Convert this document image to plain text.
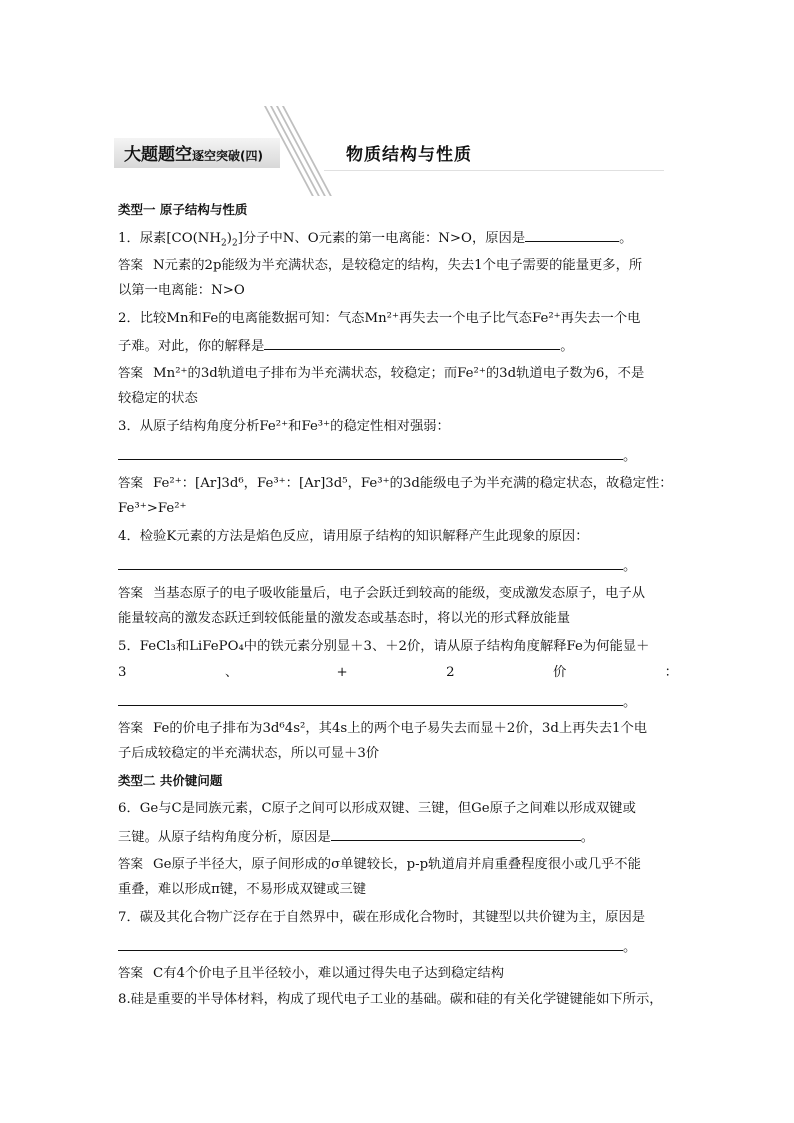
大题题空逐空突破(四)	物质结构与性质
类型一 原子结构与性质
1．尿素$[CO(NH_2)_2]$分子中N、O元素的第一电离能：N>O，原因是	。
答案 N元素的2p能级为半充满状态，是较稳定的结构，失去1个电子需要的能量更多，所
以第一电离能：N>O
2．比较Mn和Fe的电离能数据可知：气态Mn²⁺再失去一个电子比气态Fe²⁺再失去一个电
子难。对此，你的解释是	。
答案 Mn²⁺的3d轨道电子排布为半充满状态，较稳定；而Fe²⁺的3d轨道电子数为6，不是
较稳定的状态
3．从原子结构角度分析Fe²⁺和Fe³⁺的稳定性相对强弱：
。
答案 Fe²⁺：[Ar]3d⁶，Fe³⁺：[Ar]3d⁵，Fe³⁺的3d能级电子为半充满的稳定状态，故稳定性：
Fe³⁺>Fe²⁺
4．检验K元素的方法是焰色反应，请用原子结构的知识解释产生此现象的原因：
。
答案 当基态原子的电子吸收能量后，电子会跃迁到较高的能级，变成激发态原子，电子从
能量较高的激发态跃迁到较低能量的激发态或基态时，将以光的形式释放能量
5．FeCl₃和LiFePO₄中的铁元素分别显＋3、＋2价，请从原子结构角度解释Fe为何能显＋
3	、	+	2	价	：
。
答案 Fe的价电子排布为3d⁶4s²，其4s上的两个电子易失去而显＋2价，3d上再失去1个电
子后成较稳定的半充满状态，所以可显＋3价
类型二 共价键问题
6．Ge与C是同族元素，C原子之间可以形成双键、三键，但Ge原子之间难以形成双键或
三键。从原子结构角度分析，原因是	。
答案 Ge原子半径大，原子间形成的σ单键较长，p-p轨道肩并肩重叠程度很小或几乎不能
重叠，难以形成π键，不易形成双键或三键
7．碳及其化合物广泛存在于自然界中，碳在形成化合物时，其键型以共价键为主，原因是
。
答案 C有4个价电子且半径较小，难以通过得失电子达到稳定结构
8.硅是重要的半导体材料，构成了现代电子工业的基础。碳和硅的有关化学键键能如下所示，
